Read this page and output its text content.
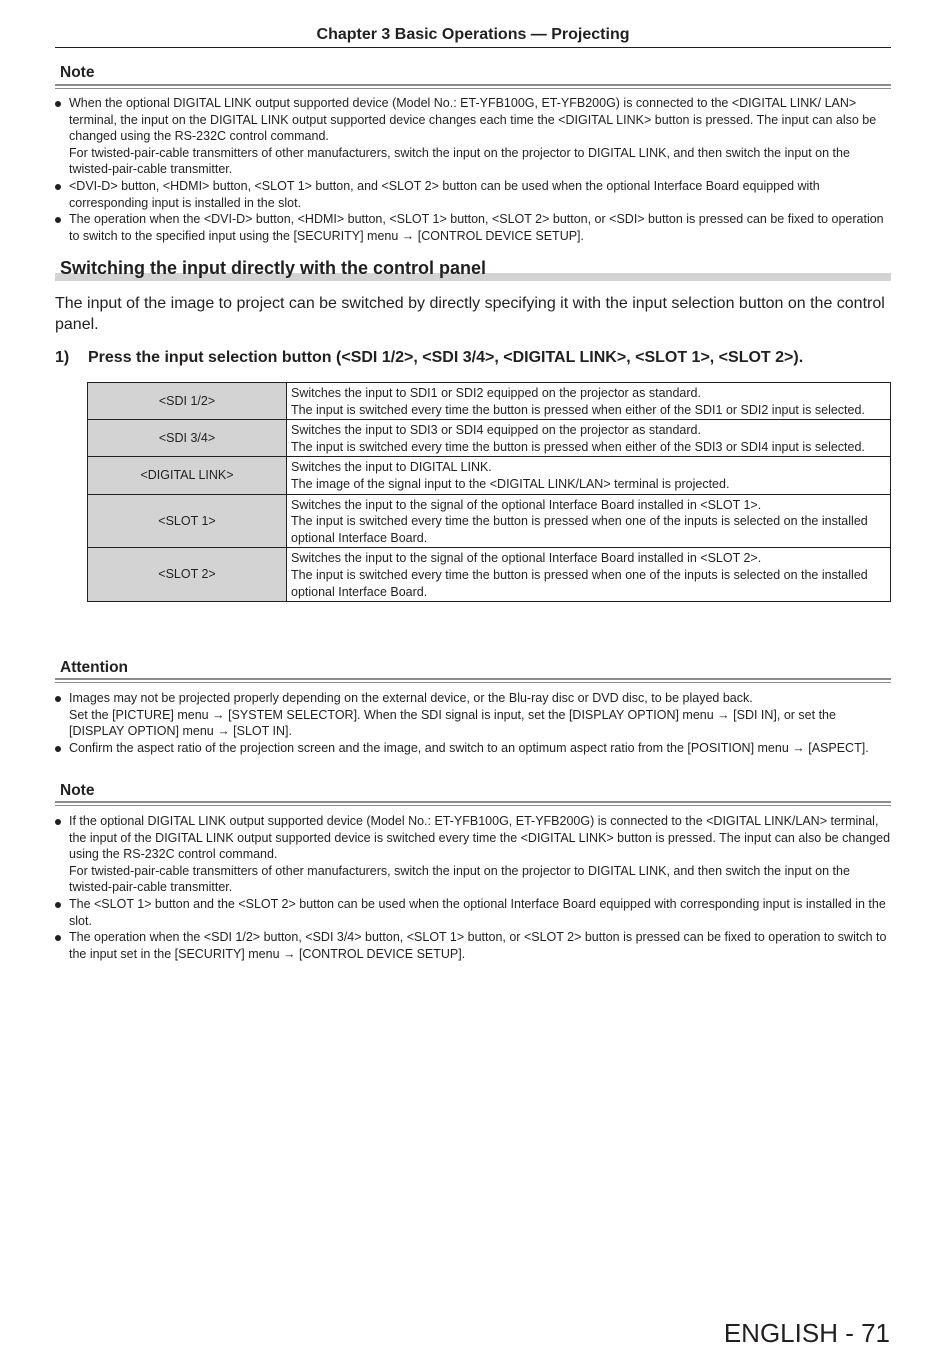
Chapter 3 Basic Operations — Projecting
Note
When the optional DIGITAL LINK output supported device (Model No.: ET-YFB100G, ET-YFB200G) is connected to the <DIGITAL LINK/ LAN> terminal, the input on the DIGITAL LINK output supported device changes each time the <DIGITAL LINK> button is pressed. The input can also be changed using the RS-232C control command.
For twisted-pair-cable transmitters of other manufacturers, switch the input on the projector to DIGITAL LINK, and then switch the input on the twisted-pair-cable transmitter.
<DVI-D> button, <HDMI> button, <SLOT 1> button, and <SLOT 2> button can be used when the optional Interface Board equipped with corresponding input is installed in the slot.
The operation when the <DVI-D> button, <HDMI> button, <SLOT 1> button, <SLOT 2> button, or <SDI> button is pressed can be fixed to operation to switch to the specified input using the [SECURITY] menu → [CONTROL DEVICE SETUP].
Switching the input directly with the control panel

The input of the image to project can be switched by directly specifying it with the input selection button on the control panel.

1) Press the input selection button (<SDI 1/2>, <SDI 3/4>, <DIGITAL LINK>, <SLOT 1>, <SLOT 2>).
<SDI 1/2>	Switches the input to SDI1 or SDI2 equipped on the projector as standard.
The input is switched every time the button is pressed when either of the SDI1 or SDI2 input is selected.

<SDI 3/4>	Switches the input to SDI3 or SDI4 equipped on the projector as standard.
The input is switched every time the button is pressed when either of the SDI3 or SDI4 input is selected.

<DIGITAL LINK>	Switches the input to DIGITAL LINK.
The image of the signal input to the <DIGITAL LINK/LAN> terminal is projected.

<SLOT 1>	Switches the input to the signal of the optional Interface Board installed in <SLOT 1>.
The input is switched every time the button is pressed when one of the inputs is selected on the installed optional Interface Board.

<SLOT 2>	Switches the input to the signal of the optional Interface Board installed in <SLOT 2>.
The input is switched every time the button is pressed when one of the inputs is selected on the installed optional Interface Board.
Attention
Images may not be projected properly depending on the external device, or the Blu-ray disc or DVD disc, to be played back.
Set the [PICTURE] menu → [SYSTEM SELECTOR]. When the SDI signal is input, set the [DISPLAY OPTION] menu → [SDI IN], or set the [DISPLAY OPTION] menu → [SLOT IN].
Confirm the aspect ratio of the projection screen and the image, and switch to an optimum aspect ratio from the [POSITION] menu → [ASPECT].
Note
If the optional DIGITAL LINK output supported device (Model No.: ET-YFB100G, ET-YFB200G) is connected to the <DIGITAL LINK/LAN> terminal, the input of the DIGITAL LINK output supported device is switched every time the <DIGITAL LINK> button is pressed. The input can also be changed using the RS-232C control command.
For twisted-pair-cable transmitters of other manufacturers, switch the input on the projector to DIGITAL LINK, and then switch the input on the twisted-pair-cable transmitter.
The <SLOT 1> button and the <SLOT 2> button can be used when the optional Interface Board equipped with corresponding input is installed in the slot.
The operation when the <SDI 1/2> button, <SDI 3/4> button, <SLOT 1> button, or <SLOT 2> button is pressed can be fixed to operation to switch to the input set in the [SECURITY] menu → [CONTROL DEVICE SETUP].
ENGLISH - 71
